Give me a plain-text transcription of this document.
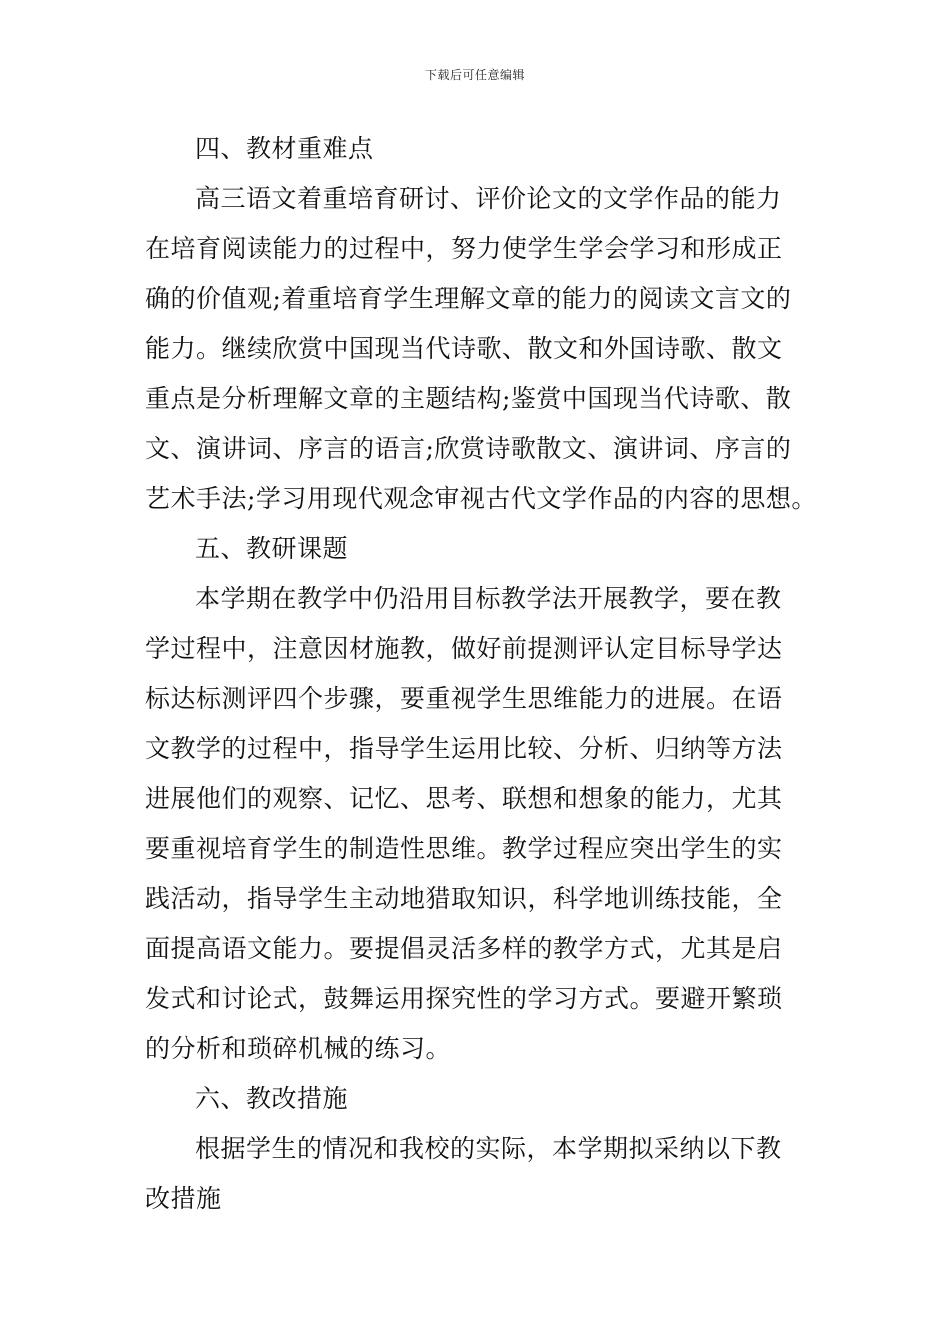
下载后可任意编辑
四、教材重难点
高三语文着重培育研讨、评价论文的文学作品的能力
在培育阅读能力的过程中，努力使学生学会学习和形成正
确的价值观;着重培育学生理解文章的能力的阅读文言文的
能力。继续欣赏中国现当代诗歌、散文和外国诗歌、散文
重点是分析理解文章的主题结构;鉴赏中国现当代诗歌、散
文、演讲词、序言的语言;欣赏诗歌散文、演讲词、序言的
艺术手法;学习用现代观念审视古代文学作品的内容的思想。
五、教研课题
本学期在教学中仍沿用目标教学法开展教学，要在教
学过程中，注意因材施教，做好前提测评认定目标导学达
标达标测评四个步骤，要重视学生思维能力的进展。在语
文教学的过程中，指导学生运用比较、分析、归纳等方法
进展他们的观察、记忆、思考、联想和想象的能力，尤其
要重视培育学生的制造性思维。教学过程应突出学生的实
践活动，指导学生主动地猎取知识，科学地训练技能，全
面提高语文能力。要提倡灵活多样的教学方式，尤其是启
发式和讨论式，鼓舞运用探究性的学习方式。要避开繁琐
的分析和琐碎机械的练习。
六、教改措施
根据学生的情况和我校的实际，本学期拟采纳以下教
改措施
